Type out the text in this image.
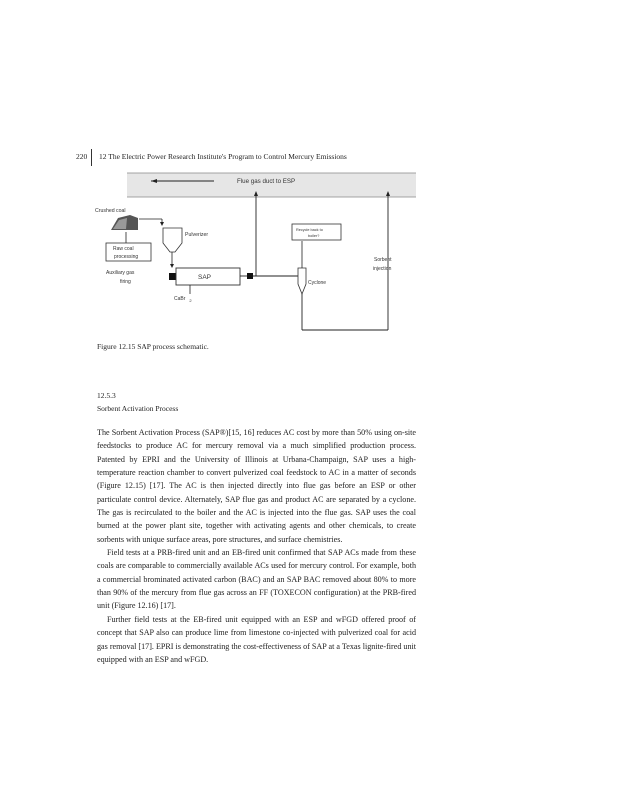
220 12 The Electric Power Research Institute's Program to Control Mercury Emissions
Flue gas duct to ESP
Crushed coal
Pulverizer
Raw coal
processing
Auxiliary gas
firing
SAP
CaBr $_2$
Cyclone
Recycle back to
boiler?
Sorbent
injection
Figure 12.15 SAP process schematic.
12.5.3
Sorbent Activation Process

The Sorbent Activation Process (SAP®)[15, 16] reduces AC cost by more than 50% using on-site feedstocks to produce AC for mercury removal via a much simplified production process. Patented by EPRI and the University of Illinois at Urbana-Champaign, SAP uses a high-temperature reaction chamber to convert pulverized coal feedstock to AC in a matter of seconds (Figure 12.15) [17]. The AC is then injected directly into flue gas before an ESP or other particulate control device. Alternately, SAP flue gas and product AC are separated by a cyclone. The gas is recirculated to the boiler and the AC is injected into the flue gas. SAP uses the coal burned at the power plant site, together with activating agents and other chemicals, to create sorbents with unique surface areas, pore structures, and surface chemistries.

Field tests at a PRB-fired unit and an EB-fired unit confirmed that SAP ACs made from these coals are comparable to commercially available ACs used for mercury control. For example, both a commercial brominated activated carbon (BAC) and an SAP BAC removed about 80% to more than 90% of the mercury from flue gas across an FF (TOXECON configuration) at the PRB-fired unit (Figure 12.16) [17].

Further field tests at the EB-fired unit equipped with an ESP and wFGD offered proof of concept that SAP also can produce lime from limestone co-injected with pulverized coal for acid gas removal [17]. EPRI is demonstrating the cost-effectiveness of SAP at a Texas lignite-fired unit equipped with an ESP and wFGD.
